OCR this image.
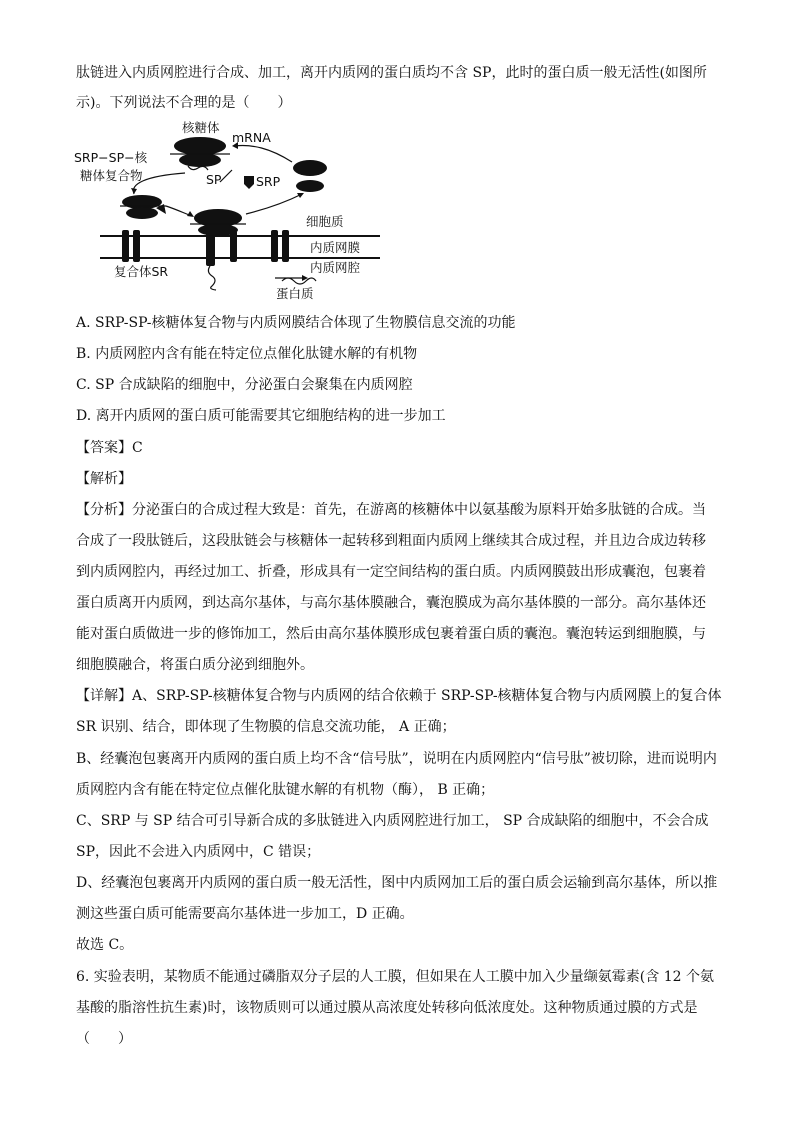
肽链进入内质网腔进行合成、加工，离开内质网的蛋白质均不含 SP，此时的蛋白质一般无活性(如图所
示)。下列说法不合理的是（　　）
核糖体
mRNA
SRP−SP−核
糖体复合物	SP	SRP
细胞质
内质网膜
内质网腔
复合体SR
蛋白质
A. SRP-SP-核糖体复合物与内质网膜结合体现了生物膜信息交流的功能
B. 内质网腔内含有能在特定位点催化肽键水解的有机物
C. SP 合成缺陷的细胞中，分泌蛋白会聚集在内质网腔
D. 离开内质网的蛋白质可能需要其它细胞结构的进一步加工
【答案】C
【解析】
【分析】分泌蛋白的合成过程大致是：首先，在游离的核糖体中以氨基酸为原料开始多肽链的合成。当
合成了一段肽链后，这段肽链会与核糖体一起转移到粗面内质网上继续其合成过程，并且边合成边转移
到内质网腔内，再经过加工、折叠，形成具有一定空间结构的蛋白质。内质网膜鼓出形成囊泡，包裹着
蛋白质离开内质网，到达高尔基体，与高尔基体膜融合，囊泡膜成为高尔基体膜的一部分。高尔基体还
能对蛋白质做进一步的修饰加工，然后由高尔基体膜形成包裹着蛋白质的囊泡。囊泡转运到细胞膜，与
细胞膜融合，将蛋白质分泌到细胞外。
【详解】A、SRP-SP-核糖体复合物与内质网的结合依赖于 SRP-SP-核糖体复合物与内质网膜上的复合体
SR 识别、结合，即体现了生物膜的信息交流功能， A 正确；
B、经囊泡包裹离开内质网的蛋白质上均不含“信号肽”，说明在内质网腔内“信号肽”被切除，进而说明内
质网腔内含有能在特定位点催化肽键水解的有机物（酶）， B 正确；
C、SRP 与 SP 结合可引导新合成的多肽链进入内质网腔进行加工， SP 合成缺陷的细胞中，不会合成
SP，因此不会进入内质网中，C 错误；
D、经囊泡包裹离开内质网的蛋白质一般无活性，图中内质网加工后的蛋白质会运输到高尔基体，所以推
测这些蛋白质可能需要高尔基体进一步加工，D 正确。
故选 C。
6. 实验表明，某物质不能通过磷脂双分子层的人工膜，但如果在人工膜中加入少量缬氨霉素(含 12 个氨
基酸的脂溶性抗生素)时，该物质则可以通过膜从高浓度处转移向低浓度处。这种物质通过膜的方式是
（　　）
